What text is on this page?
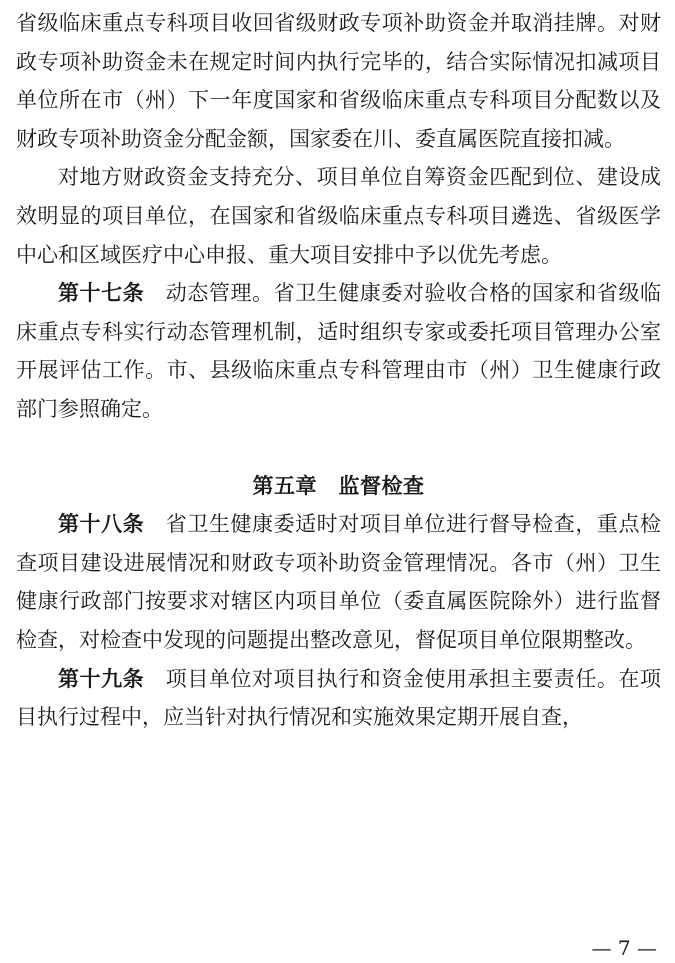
省级临床重点专科项目收回省级财政专项补助资金并取消挂牌。对财政专项补助资金未在规定时间内执行完毕的，结合实际情况扣减项目单位所在市（州）下一年度国家和省级临床重点专科项目分配数以及财政专项补助资金分配金额，国家委在川、委直属医院直接扣减。

对地方财政资金支持充分、项目单位自筹资金匹配到位、建设成效明显的项目单位，在国家和省级临床重点专科项目遴选、省级医学中心和区域医疗中心申报、重大项目安排中予以优先考虑。

第十七条　 动态管理。省卫生健康委对验收合格的国家和省级临床重点专科实行动态管理机制，适时组织专家或委托项目管理办公室开展评估工作。市、县级临床重点专科管理由市（州）卫生健康行政部门参照确定。

第五章　监督检查

第十八条　 省卫生健康委适时对项目单位进行督导检查，重点检查项目建设进展情况和财政专项补助资金管理情况。各市（州）卫生健康行政部门按要求对辖区内项目单位（委直属医院除外）进行监督检查，对检查中发现的问题提出整改意见，督促项目单位限期整改。

第十九条　 项目单位对项目执行和资金使用承担主要责任。在项目执行过程中，应当针对执行情况和实施效果定期开展自查，

— 7 —
